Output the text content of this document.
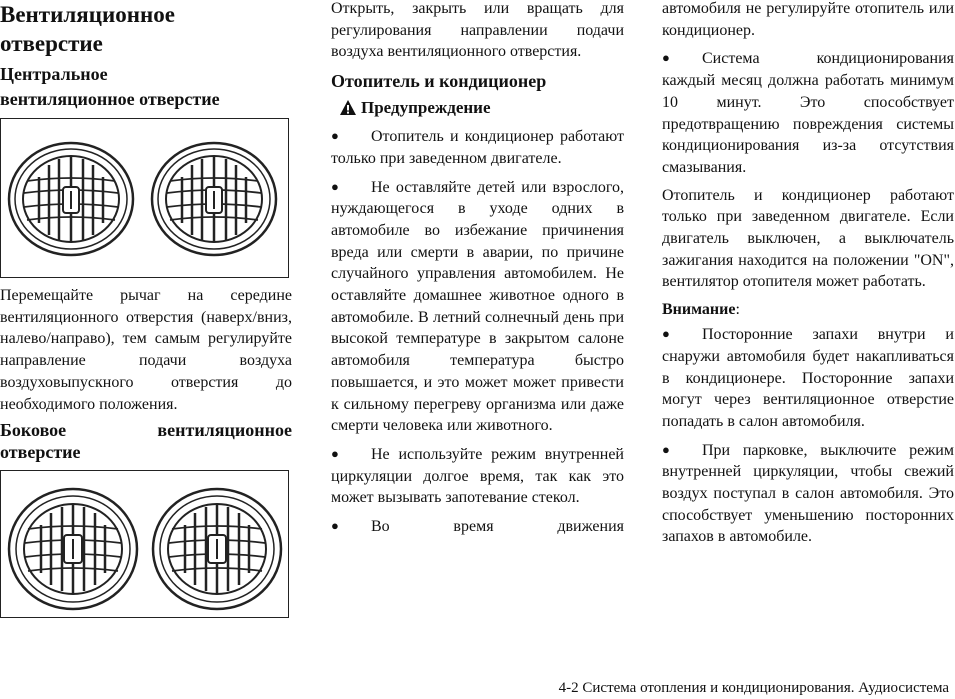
Вентиляционное
отверстие
Центральное
вентиляционное отверстие
Перемещайте рычаг на середине вентиляционного отверстия (наверх/вниз, налево/направо), тем самым регулируйте направление подачи воздуха воздуховыпускного отверстия до необходимого положения.
Боковое вентиляционное
отверстие
Открыть, закрыть или вращать для регулирования направлении подачи воздуха вентиляционного отверстия.
Отопитель и кондиционер
Предупреждение
● Отопитель и кондиционер работают только при заведенном двигателе.
● Не оставляйте детей или взрослого, нуждающегося в уходе одних в автомобиле во избежание причинения вреда или смерти в аварии, по причине случайного управления автомобилем. Не оставляйте домашнее животное одного в автомобиле. В летний солнечный день при высокой температуре в закрытом салоне автомобиля температура быстро повышается, и это может может привести к сильному перегреву организма или даже смерти человека или животного.
● Не используйте режим внутренней циркуляции долгое время, так как это может вызывать запотевание стекол.
● Во время движения
автомобиля не регулируйте отопитель или кондиционер.
● Система кондиционирования каждый месяц должна работать минимум 10 минут. Это способствует предотвращению повреждения системы кондиционирования из-за отсутствия смазывания.
Отопитель и кондиционер работают только при заведенном двигателе. Если двигатель выключен, а выключатель зажигания находится на положении "ON", вентилятор отопителя может работать.
Внимание:
● Посторонние запахи внутри и снаружи автомобиля будет накапливаться в кондиционере. Посторонние запахи могут через вентиляционное отверстие попадать в салон автомобиля.
● При парковке, выключите режим внутренней циркуляции, чтобы свежий воздух поступал в салон автомобиля. Это способствует уменьшению посторонних запахов в автомобиле.
4-2 Система отопления и кондиционирования. Аудиосистема
